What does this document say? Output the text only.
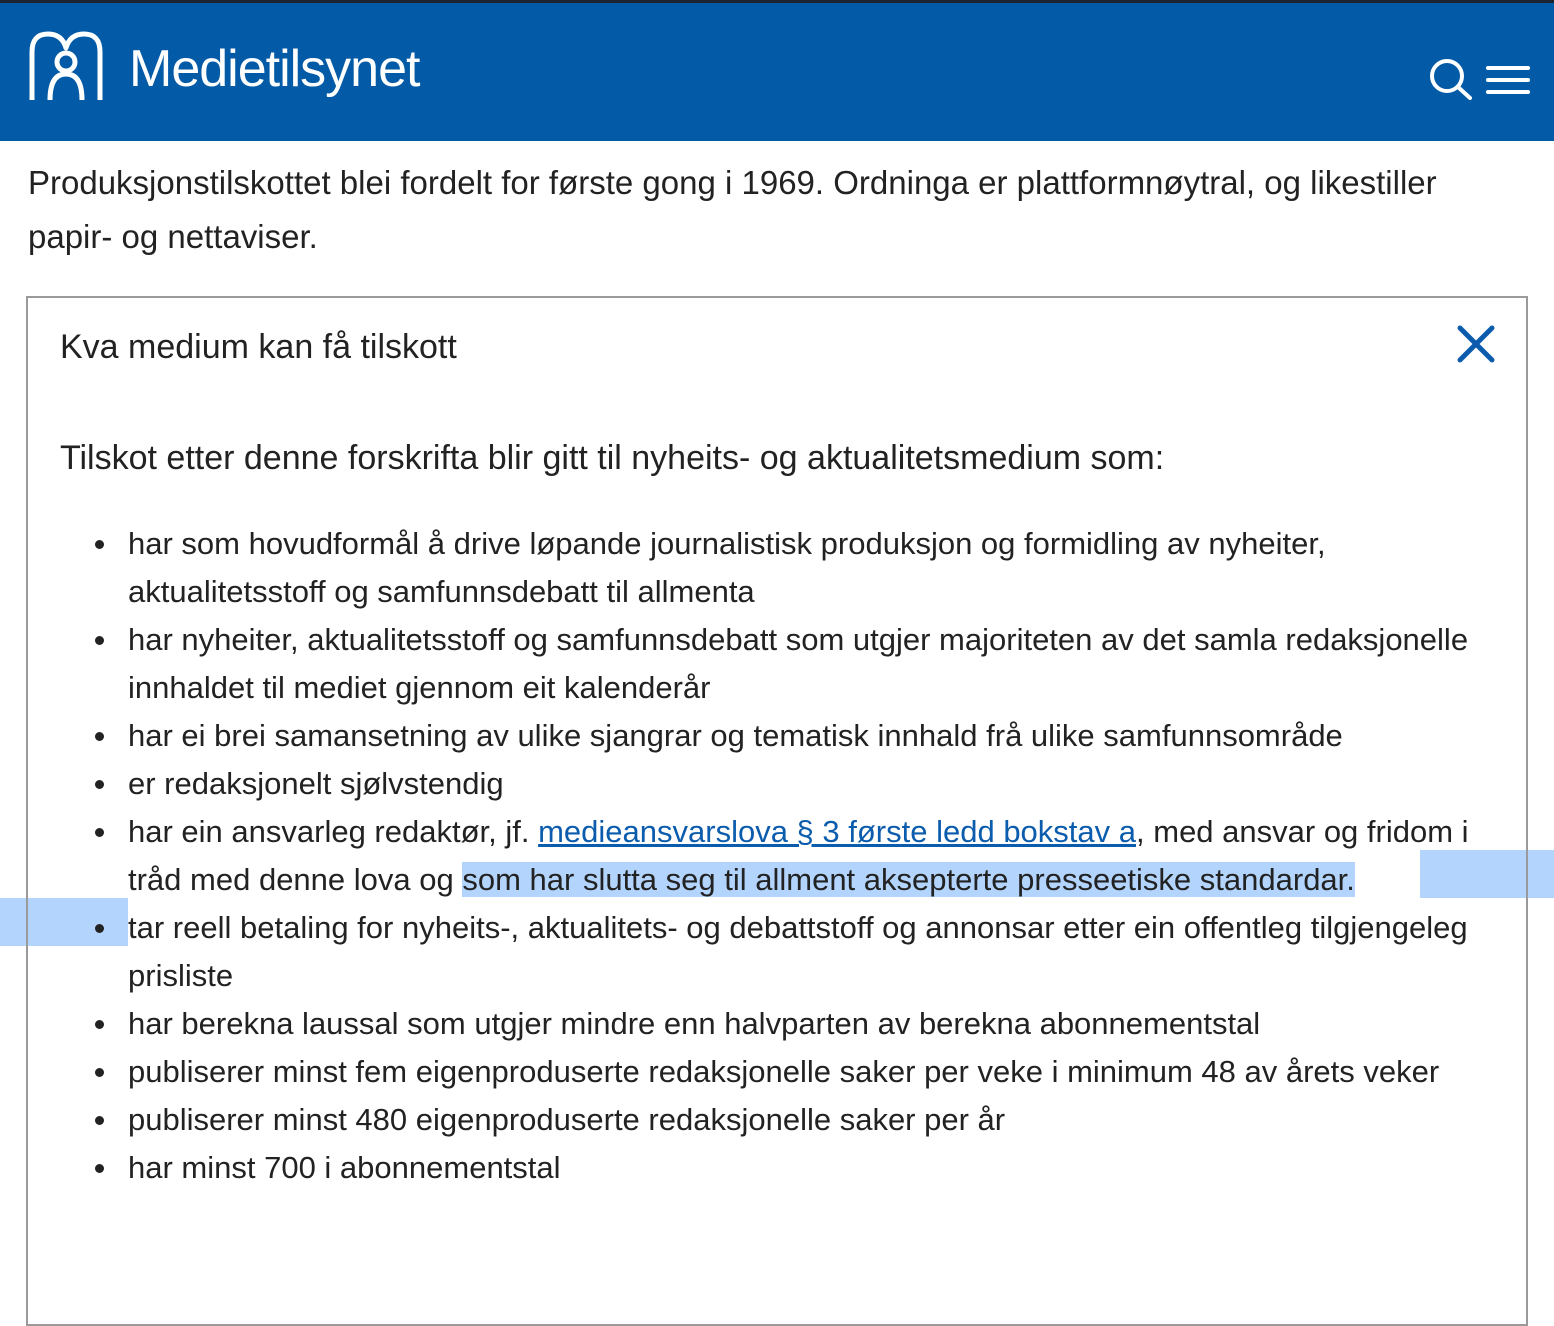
Medietilsynet

Produksjonstilskottet blei fordelt for første gong i 1969. Ordninga er plattformnøytral, og likestiller papir- og nettaviser.

Kva medium kan få tilskott

Tilskot etter denne forskrifta blir gitt til nyheits- og aktualitetsmedium som:

har som hovudformål å drive løpande journalistisk produksjon og formidling av nyheiter, aktualitetsstoff og samfunnsdebatt til allmenta
har nyheiter, aktualitetsstoff og samfunnsdebatt som utgjer majoriteten av det samla redaksjonelle innhaldet til mediet gjennom eit kalenderår
har ei brei samansetning av ulike sjangrar og tematisk innhald frå ulike samfunnsområde
er redaksjonelt sjølvstendig
har ein ansvarleg redaktør, jf. medieansvarslova § 3 første ledd bokstav a, med ansvar og fridom i tråd med denne lova og som har slutta seg til allment aksepterte presseetiske standardar.
tar reell betaling for nyheits-, aktualitets- og debattstoff og annonsar etter ein offentleg tilgjengeleg prisliste
har berekna laussal som utgjer mindre enn halvparten av berekna abonnementstal
publiserer minst fem eigenproduserte redaksjonelle saker per veke i minimum 48 av årets veker
publiserer minst 480 eigenproduserte redaksjonelle saker per år
har minst 700 i abonnementstal
